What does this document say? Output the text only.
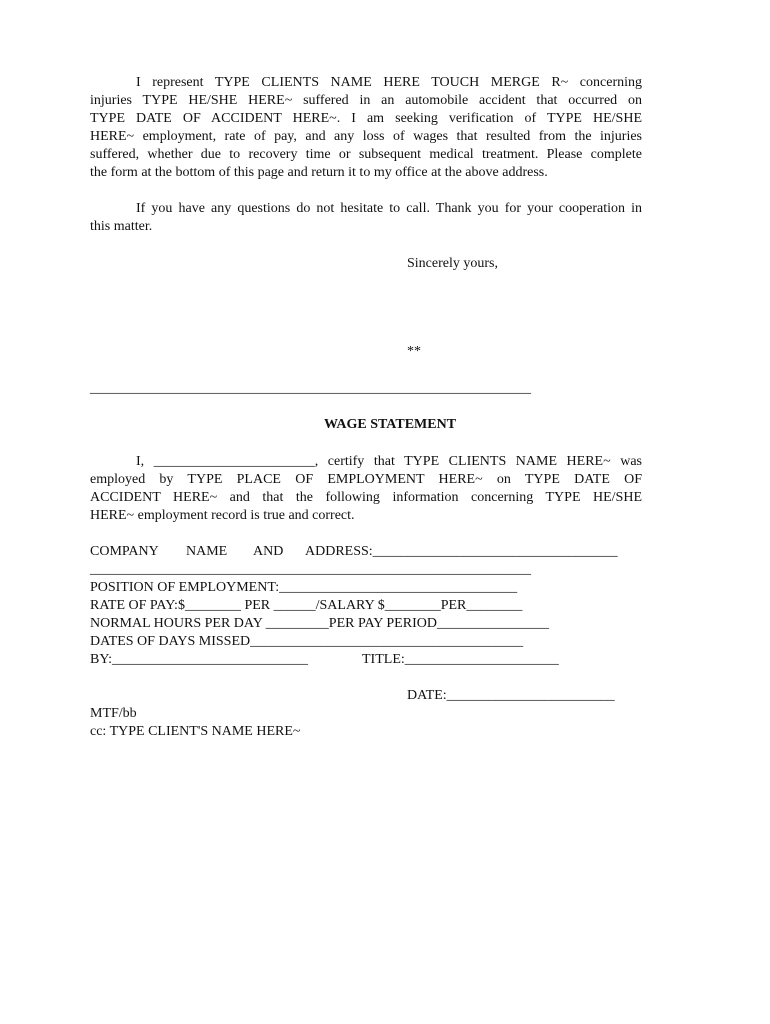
I represent TYPE CLIENTS NAME HERE TOUCH MERGE R~ concerning
injuries TYPE HE/SHE HERE~ suffered in an automobile accident that occurred on
TYPE DATE OF ACCIDENT HERE~. I am seeking verification of TYPE HE/SHE
HERE~ employment, rate of pay, and any loss of wages that resulted from the injuries
suffered, whether due to recovery time or subsequent medical treatment. Please complete
the form at the bottom of this page and return it to my office at the above address.
If you have any questions do not hesitate to call. Thank you for your cooperation in
this matter.
Sincerely yours,
**
_______________________________________________________________
WAGE STATEMENT
I, _______________________, certify that TYPE CLIENTS NAME HERE~ was
employed by TYPE PLACE OF EMPLOYMENT HERE~ on TYPE DATE OF
ACCIDENT HERE~ and that the following information concerning TYPE HE/SHE
HERE~ employment record is true and correct.
COMPANY NAME AND ADDRESS:___________________________________
_______________________________________________________________
POSITION OF EMPLOYMENT:__________________________________
RATE OF PAY:$________ PER ______/SALARY $________PER________
NORMAL HOURS PER DAY _________PER PAY PERIOD________________
DATES OF DAYS MISSED_______________________________________
BY:____________________________	TITLE:______________________
DATE:________________________
MTF/bb
cc: TYPE CLIENT'S NAME HERE~
